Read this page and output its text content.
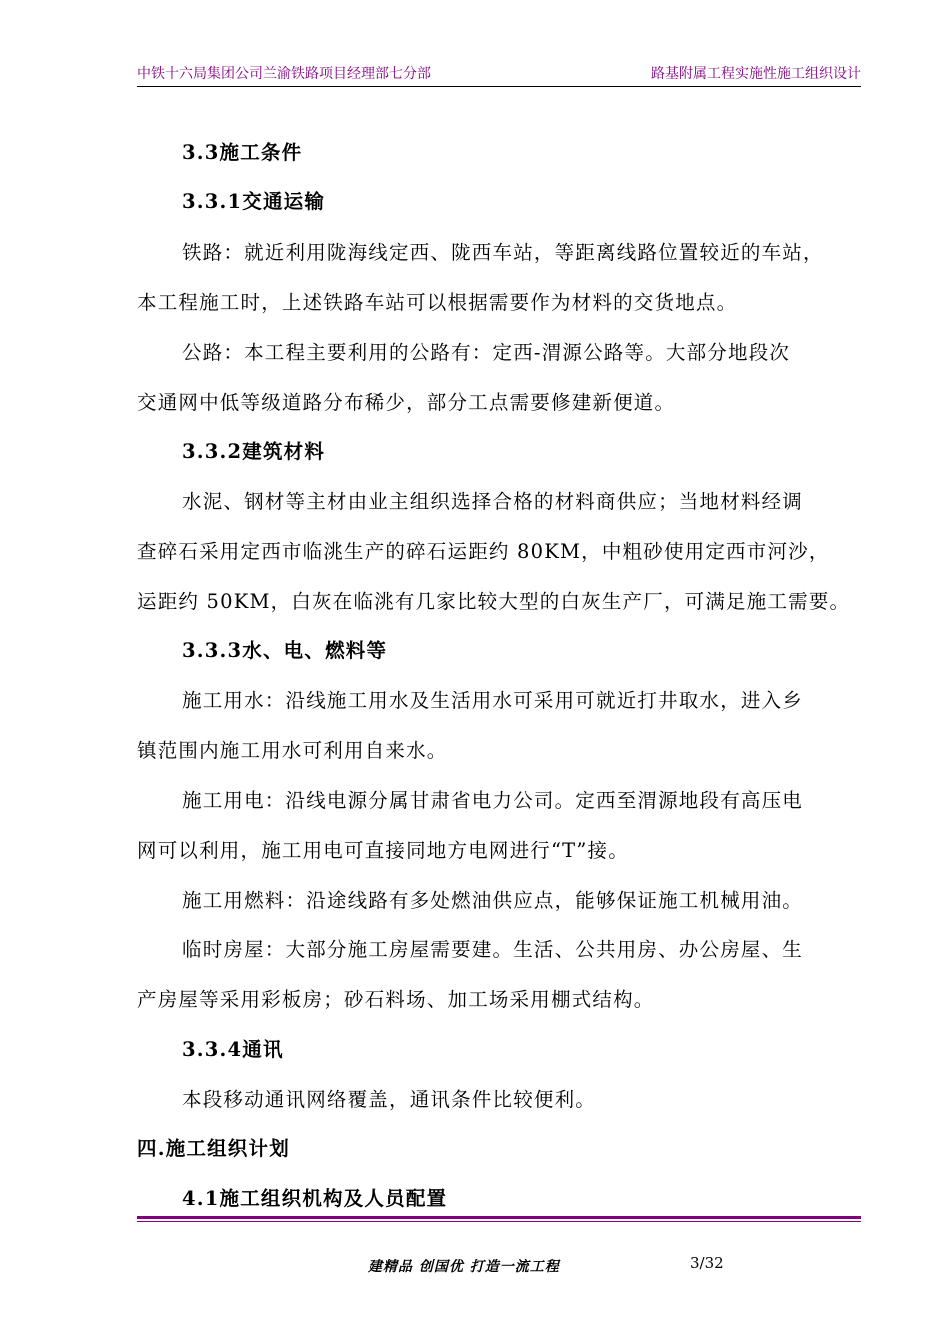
中铁十六局集团公司兰渝铁路项目经理部七分部	路基附属工程实施性施工组织设计
3.3施工条件
3.3.1交通运输
铁路：就近利用陇海线定西、陇西车站，等距离线路位置较近的车站，
本工程施工时，上述铁路车站可以根据需要作为材料的交货地点。
公路：本工程主要利用的公路有：定西-渭源公路等。大部分地段次
交通网中低等级道路分布稀少，部分工点需要修建新便道。
3.3.2建筑材料
水泥、钢材等主材由业主组织选择合格的材料商供应；当地材料经调
查碎石采用定西市临洮生产的碎石运距约 80KM，中粗砂使用定西市河沙，
运距约 50KM，白灰在临洮有几家比较大型的白灰生产厂，可满足施工需要。
3.3.3水、电、燃料等
施工用水：沿线施工用水及生活用水可采用可就近打井取水，进入乡
镇范围内施工用水可利用自来水。
施工用电：沿线电源分属甘肃省电力公司。定西至渭源地段有高压电
网可以利用，施工用电可直接同地方电网进行“T”接。
施工用燃料：沿途线路有多处燃油供应点，能够保证施工机械用油。
临时房屋：大部分施工房屋需要建。生活、公共用房、办公房屋、生
产房屋等采用彩板房；砂石料场、加工场采用棚式结构。
3.3.4通讯
本段移动通讯网络覆盖，通讯条件比较便利。
四.施工组织计划
4.1施工组织机构及人员配置
建精品 创国优 打造一流工程	3/32
